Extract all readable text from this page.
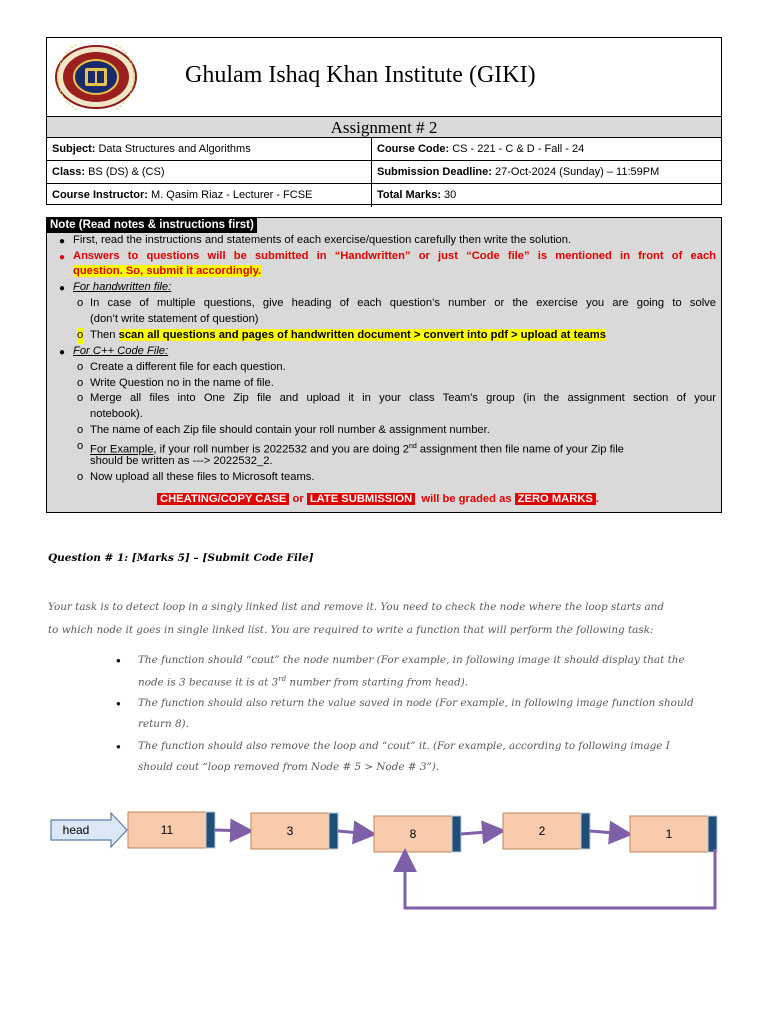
Ghulam Ishaq Khan Institute (GIKI)
Assignment # 2
Subject: Data Structures and Algorithms	Course Code: CS - 221 - C & D - Fall - 24
Class: BS (DS) & (CS)	Submission Deadline: 27-Oct-2024 (Sunday) – 11:59PM
Course Instructor: M. Qasim Riaz - Lecturer - FCSE	Total Marks: 30
Note (Read notes & instructions first)
● First, read the instructions and statements of each exercise/question carefully then write the solution.
● Answers to questions will be submitted in “Handwritten” or just “Code file” is mentioned in front of each
question. So, submit it accordingly.
● For handwritten file:
o In case of multiple questions, give heading of each question’s number or the exercise you are going to solve
(don’t write statement of question)
o Then scan all questions and pages of handwritten document > convert into pdf > upload at teams
● For C++ Code File:
o Create a different file for each question.
o Write Question no in the name of file.
o Merge all files into One Zip file and upload it in your class Team’s group (in the assignment section of your
notebook).
o The name of each Zip file should contain your roll number & assignment number.
o For Example, if your roll number is 2022532 and you are doing 2nd assignment then file name of your Zip file
should be written as ---> 2022532_2.
o Now upload all these files to Microsoft teams.
CHEATING/COPY CASE or LATE SUBMISSION  will be graded as ZERO MARKS .
Question # 1: [Marks 5] – [Submit Code File]
Your task is to detect loop in a singly linked list and remove it. You need to check the node where the loop starts and
to which node it goes in single linked list. You are required to write a function that will perform the following task:
● The function should “cout” the node number (For example, in following image it should display that the
node is 3 because it is at 3rd number from starting from head).
● The function should also return the value saved in node (For example, in following image function should
return 8).
● The function should also remove the loop and “cout” it. (For example, according to following image I
should cout “loop removed from Node # 5 > Node # 3”).
head	11	3	8	2	1
